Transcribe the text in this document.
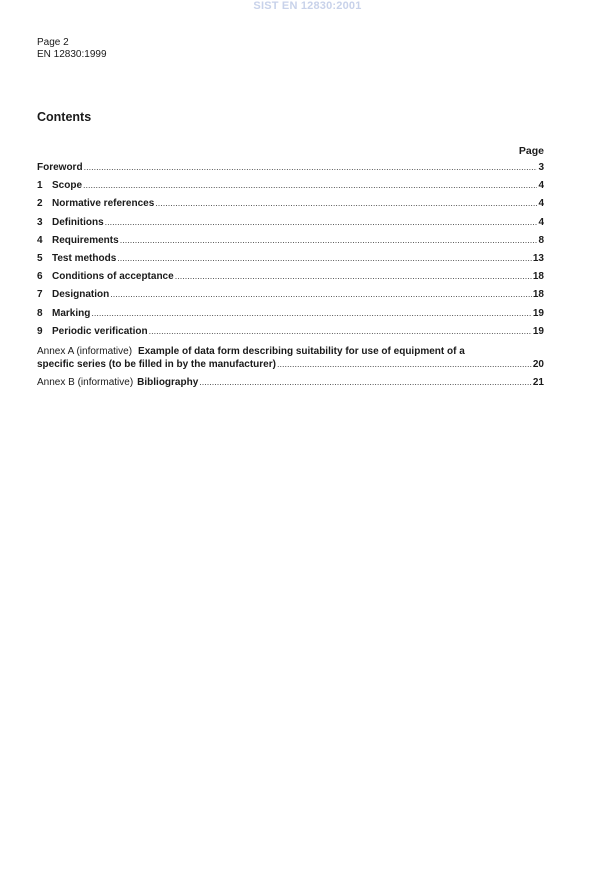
SIST EN 12830:2001
Page 2
EN 12830:1999
Contents
Page
Foreword .....	3
1 Scope .....	4
2 Normative references .....	4
3 Definitions .....	4
4 Requirements .....	8
5 Test methods .....	13
6 Conditions of acceptance .....	18
7 Designation .....	18
8 Marking .....	19
9 Periodic verification .....	19
Annex A (informative) Example of data form describing suitability for use of equipment of a
specific series (to be filled in by the manufacturer) .....	20
Annex B (informative) Bibliography .....	21
